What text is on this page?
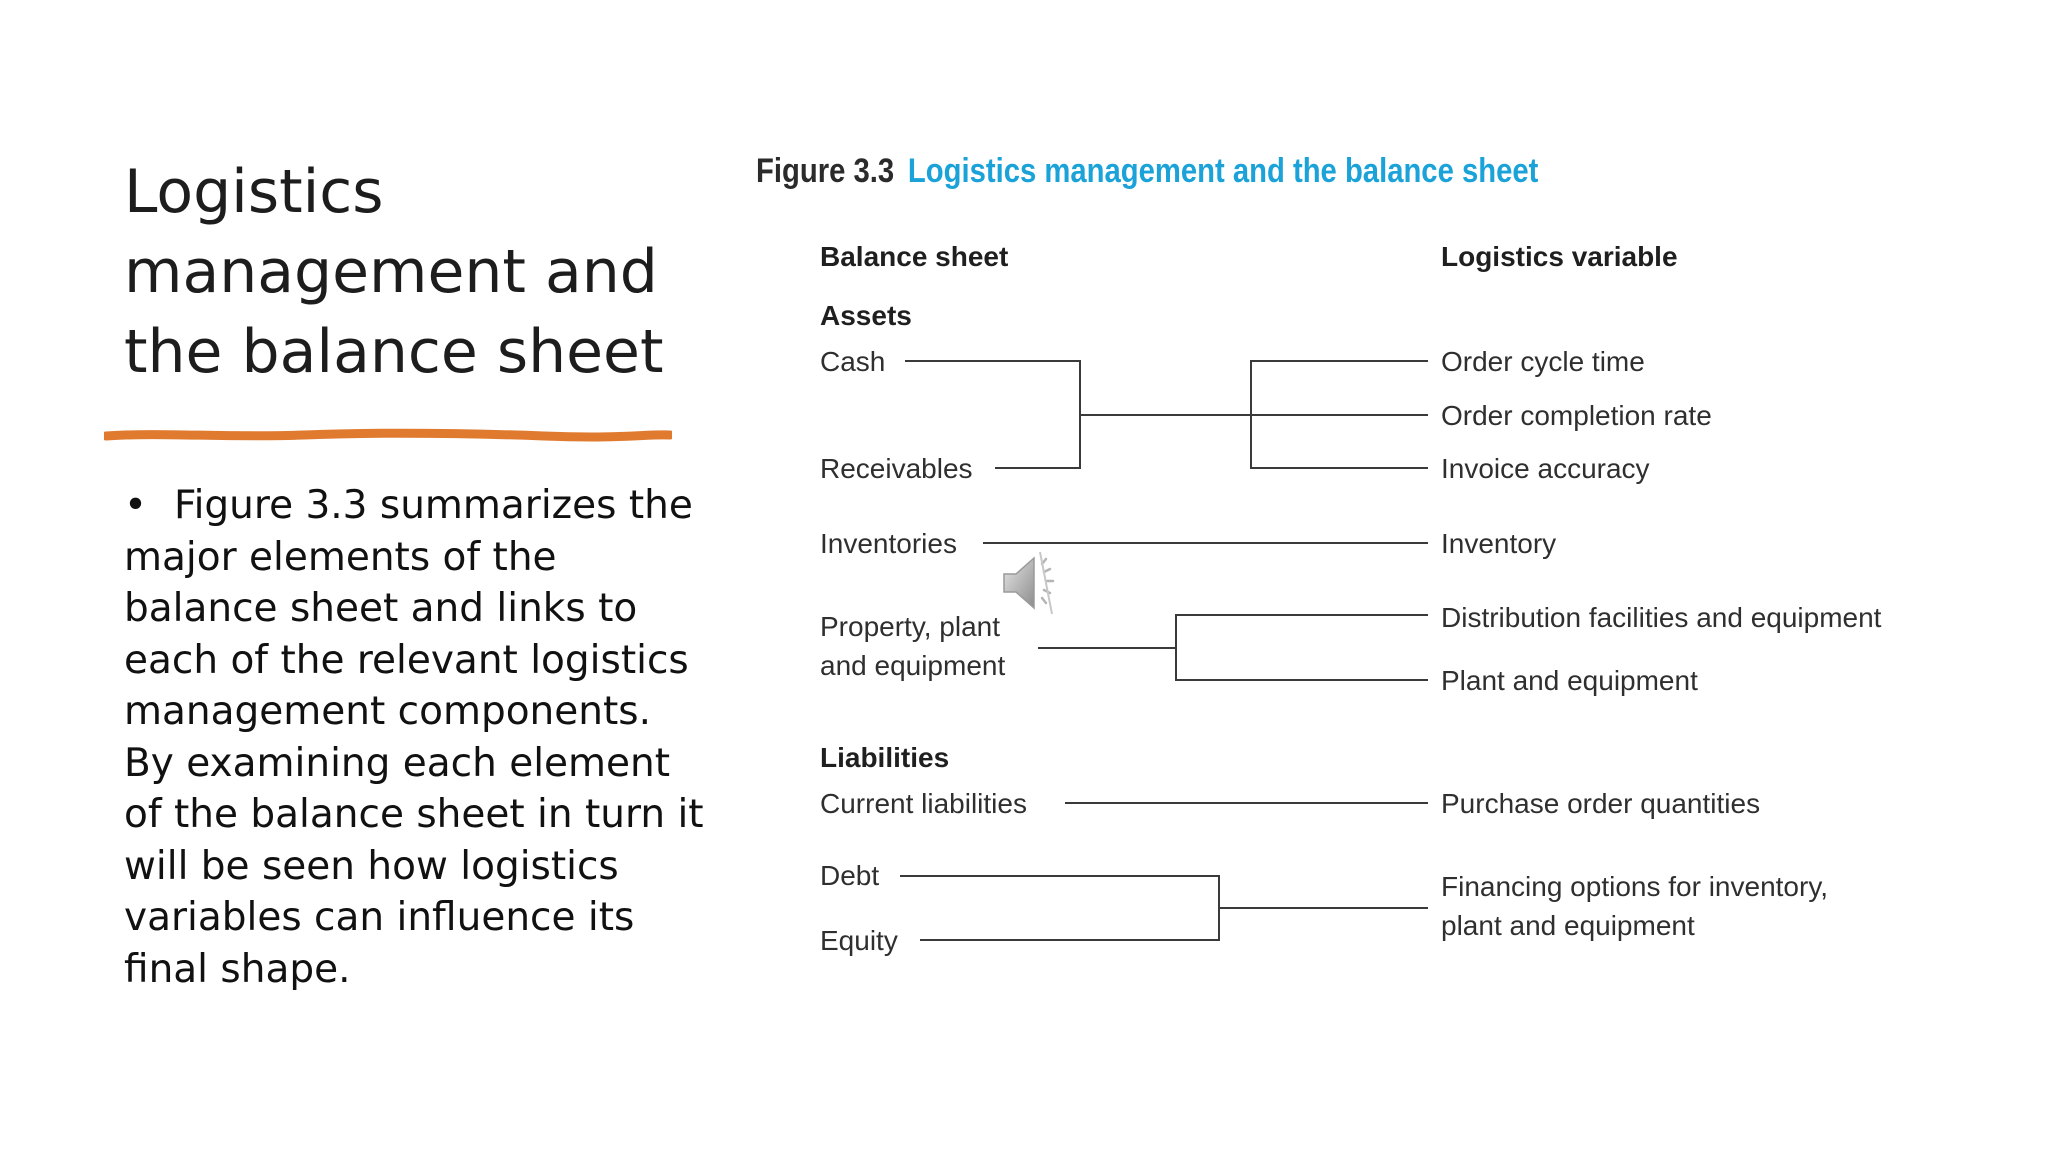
Logistics management and the balance sheet

• Figure 3.3 summarizes the major elements of the balance sheet and links to each of the relevant logistics management components. By examining each element of the balance sheet in turn it will be seen how logistics variables can influence its final shape.

Figure 3.3 Logistics management and the balance sheet
Balance sheet	Logistics variable
Assets
Liabilities
Cash
Receivables
Inventories
Property, plant
and equipment
Current liabilities
Debt
Equity
Order cycle time
Order completion rate
Invoice accuracy
Inventory
Distribution facilities and equipment
Plant and equipment
Purchase order quantities
Financing options for inventory,
plant and equipment
